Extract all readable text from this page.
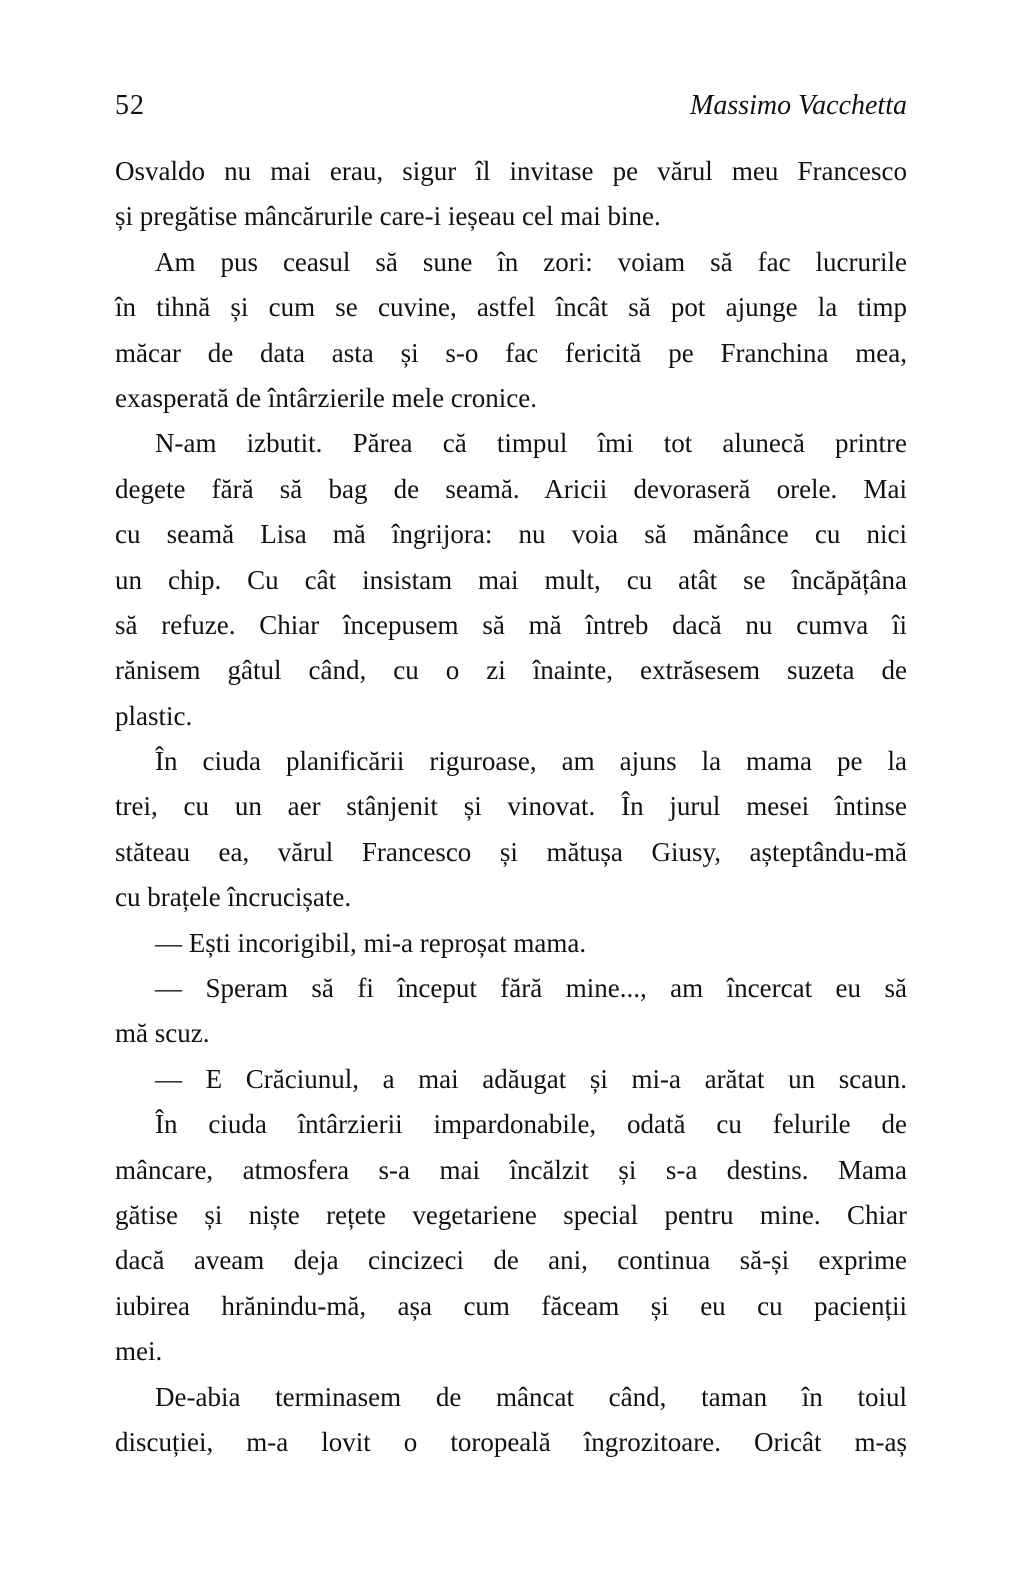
52	Massimo Vacchetta
Osvaldo nu mai erau, sigur îl invitase pe vărul meu Francesco
și pregătise mâncărurile care-i ieșeau cel mai bine.
Am pus ceasul să sune în zori: voiam să fac lucrurile
în tihnă și cum se cuvine, astfel încât să pot ajunge la timp
măcar de data asta și s-o fac fericită pe Franchina mea,
exasperată de întârzierile mele cronice.
N-am izbutit. Părea că timpul îmi tot alunecă printre
degete fără să bag de seamă. Aricii devoraseră orele. Mai
cu seamă Lisa mă îngrijora: nu voia să mănânce cu nici
un chip. Cu cât insistam mai mult, cu atât se încăpățâna
să refuze. Chiar începusem să mă întreb dacă nu cumva îi
rănisem gâtul când, cu o zi înainte, extrăsesem suzeta de
plastic.
În ciuda planificării riguroase, am ajuns la mama pe la
trei, cu un aer stânjenit și vinovat. În jurul mesei întinse
stăteau ea, vărul Francesco și mătușa Giusy, așteptându-mă
cu brațele încrucișate.
— Ești incorigibil, mi-a reproșat mama.
— Speram să fi început fără mine..., am încercat eu să
mă scuz.
— E Crăciunul, a mai adăugat și mi-a arătat un scaun.
În ciuda întârzierii impardonabile, odată cu felurile de
mâncare, atmosfera s-a mai încălzit și s-a destins. Mama
gătise și niște rețete vegetariene special pentru mine. Chiar
dacă aveam deja cincizeci de ani, continua să-și exprime
iubirea hrănindu-mă, așa cum făceam și eu cu pacienții
mei.
De-abia terminasem de mâncat când, taman în toiul
discuției, m-a lovit o toropeală îngrozitoare. Oricât m-aș
